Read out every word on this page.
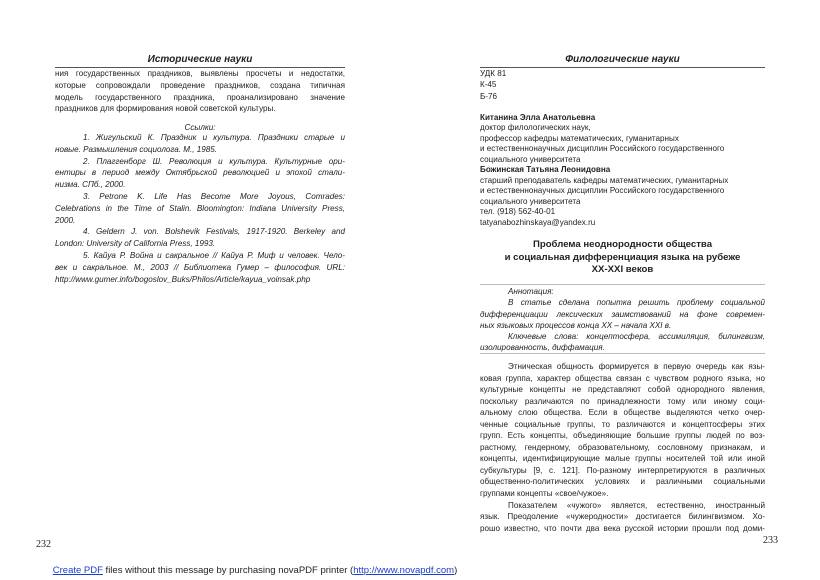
Исторические науки
ния государственных праздников, выявлены просчеты и недостатки,
которые сопровождали проведение праздников, создана типичная
модель государственного праздника, проанализировано значение
праздников для формирования новой советской культуры.
Ссылки:
1. Жигульский К. Праздник и культура. Праздники старые и
новые. Размышления социолога. М., 1985.
2. Плаггенборг Ш. Революция и культура. Культурные ори-
ентиры в период между Октябрьской революцией и эпохой стали-
низма. СПб., 2000.
3. Petrone K. Life Has Become More Joyous, Comrades:
Celebrations in the Time of Stalin. Bloomington: Indiana University Press,
2000.
4. Geldern J. von. Bolshevik Festivals, 1917-1920. Berkeley and
London: University of California Press, 1993.
5. Кайуа Р. Война и сакральное // Кайуа Р. Миф и человек. Чело-
век и сакральное. М., 2003 // Библиотека Гумер – философия. URL:
http://www.gumer.info/bogoslov_Buks/Philos/Article/kayua_voinsak.php
232
Филологические науки
УДК 81
К-45
Б-76
Китанина Элла Анатольевна
доктор филологических наук,
профессор кафедры математических, гуманитарных
и естественнонаучных дисциплин Российского государственного
социального университета
Божинская Татьяна Леонидовна
старший преподаватель кафедры математических, гуманитарных
и естественнонаучных дисциплин Российского государственного
социального университета
тел. (918) 562-40-01
tatyanabozhinskaya@yandex.ru
Проблема неоднородности общества
и социальная дифференциация языка на рубеже
XX-XXI веков
Аннотация:
В статье сделана попытка решить проблему социальной
дифференциации лексических заимствований на фоне современ-
ных языковых процессов конца XX – начала XXI в.
Ключевые слова: концептосфера, ассимиляция, билингвизм,
изолированность, диффамация.
Этническая общность формируется в первую очередь как язы-
ковая группа, характер общества связан с чувством родного языка, но
культурные концепты не представляют собой однородного явления,
поскольку различаются по принадлежности тому или иному соци-
альному слою общества. Если в обществе выделяются четко очер-
ченные социальные группы, то различаются и концептосферы этих
групп. Есть концепты, объединяющие большие группы людей по воз-
растному, гендерному, образовательному, сословному признакам, и
концепты, идентифицирующие малые группы носителей той или иной
субкультуры [9, с. 121]. По-разному интерпретируются в различных
общественно-политических условиях и различными социальными
группами концепты «свое/чужое».
Показателем «чужого» является, естественно, иностранный
язык. Преодоление «чужеродности» достигается билингвизмом. Хо-
рошо известно, что почти два века русской истории прошли под доми-
233
Create PDF files without this message by purchasing novaPDF printer (http://www.novapdf.com)
